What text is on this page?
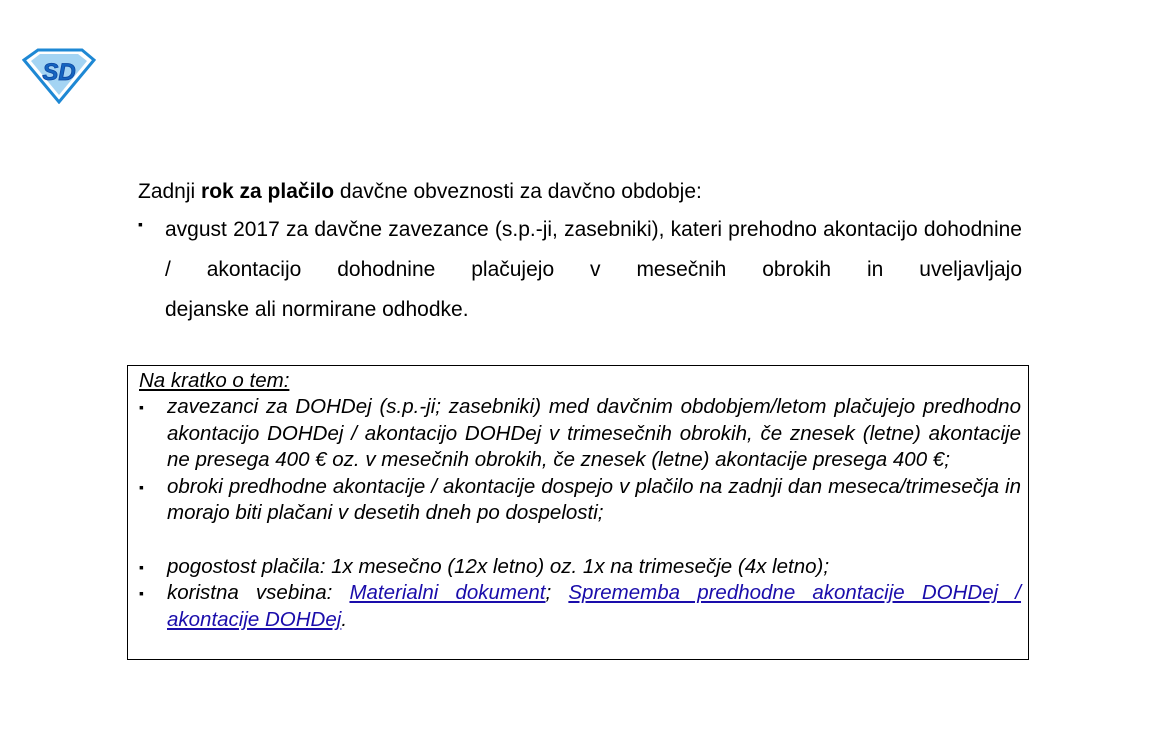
SD
Zadnji rok za plačilo davčne obveznosti za davčno obdobje:
▪	avgust 2017 za davčne zavezance (s.p.-ji, zasebniki), kateri prehodno akontacijo dohodnine / akontacijo dohodnine plačujejo v mesečnih obrokih in uveljavljajo
dejanske ali normirane odhodke.
Na kratko o tem:
▪	zavezanci za DOHDej (s.p.-ji; zasebniki) med davčnim obdobjem/letom plačujejo predhodno akontacijo DOHDej / akontacijo DOHDej v trimesečnih obrokih, če znesek (letne) akontacije ne presega 400 € oz. v mesečnih obrokih, če znesek (letne) akontacije presega 400 €;
▪	obroki predhodne akontacije / akontacije dospejo v plačilo na zadnji dan meseca/trimesečja in morajo biti plačani v desetih dneh po dospelosti;
▪	pogostost plačila: 1x mesečno (12x letno) oz. 1x na trimesečje (4x letno);
▪	koristna vsebina: Materialni dokument; Sprememba predhodne akontacije DOHDej / akontacije DOHDej.
